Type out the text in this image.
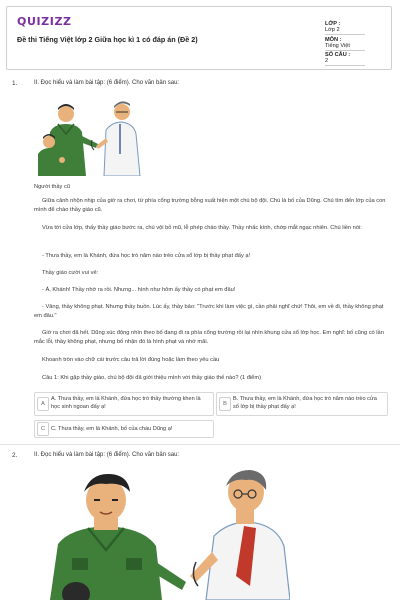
QUIZIZZ
Đề thi Tiếng Việt lớp 2 Giữa học kì 1 có đáp án (Đề 2)
LỚP : Lớp 2
MÔN : Tiếng Việt
SỐ CÂU : 2
1.	II. Đọc hiểu và làm bài tập: (6 điểm). Cho văn bản sau:
Người thầy cũ
Giữa cảnh nhộn nhịp của giờ ra chơi, từ phía cổng trường bỗng xuất hiện một chú bộ đội. Chú là bố của Dũng. Chú tìm đến lớp của con mình để chào thầy giáo cũ.
Vừa tới cửa lớp, thấy thầy giáo bước ra, chú vội bỏ mũ, lễ phép chào thầy. Thầy nhấc kính, chớp mắt ngạc nhiên. Chú liền nói:
- Thưa thầy, em là Khánh, đứa học trò năm nào trèo cửa sổ lớp bị thầy phạt đấy ạ!
Thầy giáo cười vui vẻ:
- À, Khánh! Thầy nhớ ra rồi. Nhưng... hình như hôm ấy thầy có phạt em đâu!
- Vâng, thầy không phạt. Nhưng thầy buồn. Lúc ấy, thầy bảo: "Trước khi làm việc gì, cần phải nghĩ chứ! Thôi, em về đi, thầy không phạt em đâu."
Giờ ra chơi đã hết. Dũng xúc động nhìn theo bố đang đi ra phía cổng trường rồi lại nhìn khung cửa sổ lớp học. Em nghĩ: bố cũng có lần mắc lỗi, thầy không phạt, nhưng bố nhận đó là hình phạt và nhớ mãi.
Khoanh tròn vào chữ cái trước câu trả lời đúng hoặc làm theo yêu cầu
Câu 1: Khi gặp thầy giáo, chú bộ đội đã giới thiệu mình với thầy giáo thế nào? (1 điểm)
A
A. Thưa thầy, em là Khánh, đứa học trò thầy thường khen là học sinh ngoan đấy ạ!	B
B. Thưa thầy, em là Khánh, đứa học trò năm nào trèo cửa sổ lớp bị thầy phạt đấy ạ!
C	C. Thưa thầy, em là Khánh, bố của cháu Dũng ạ!
2.	II. Đọc hiểu và làm bài tập: (6 điểm). Cho văn bản sau:
